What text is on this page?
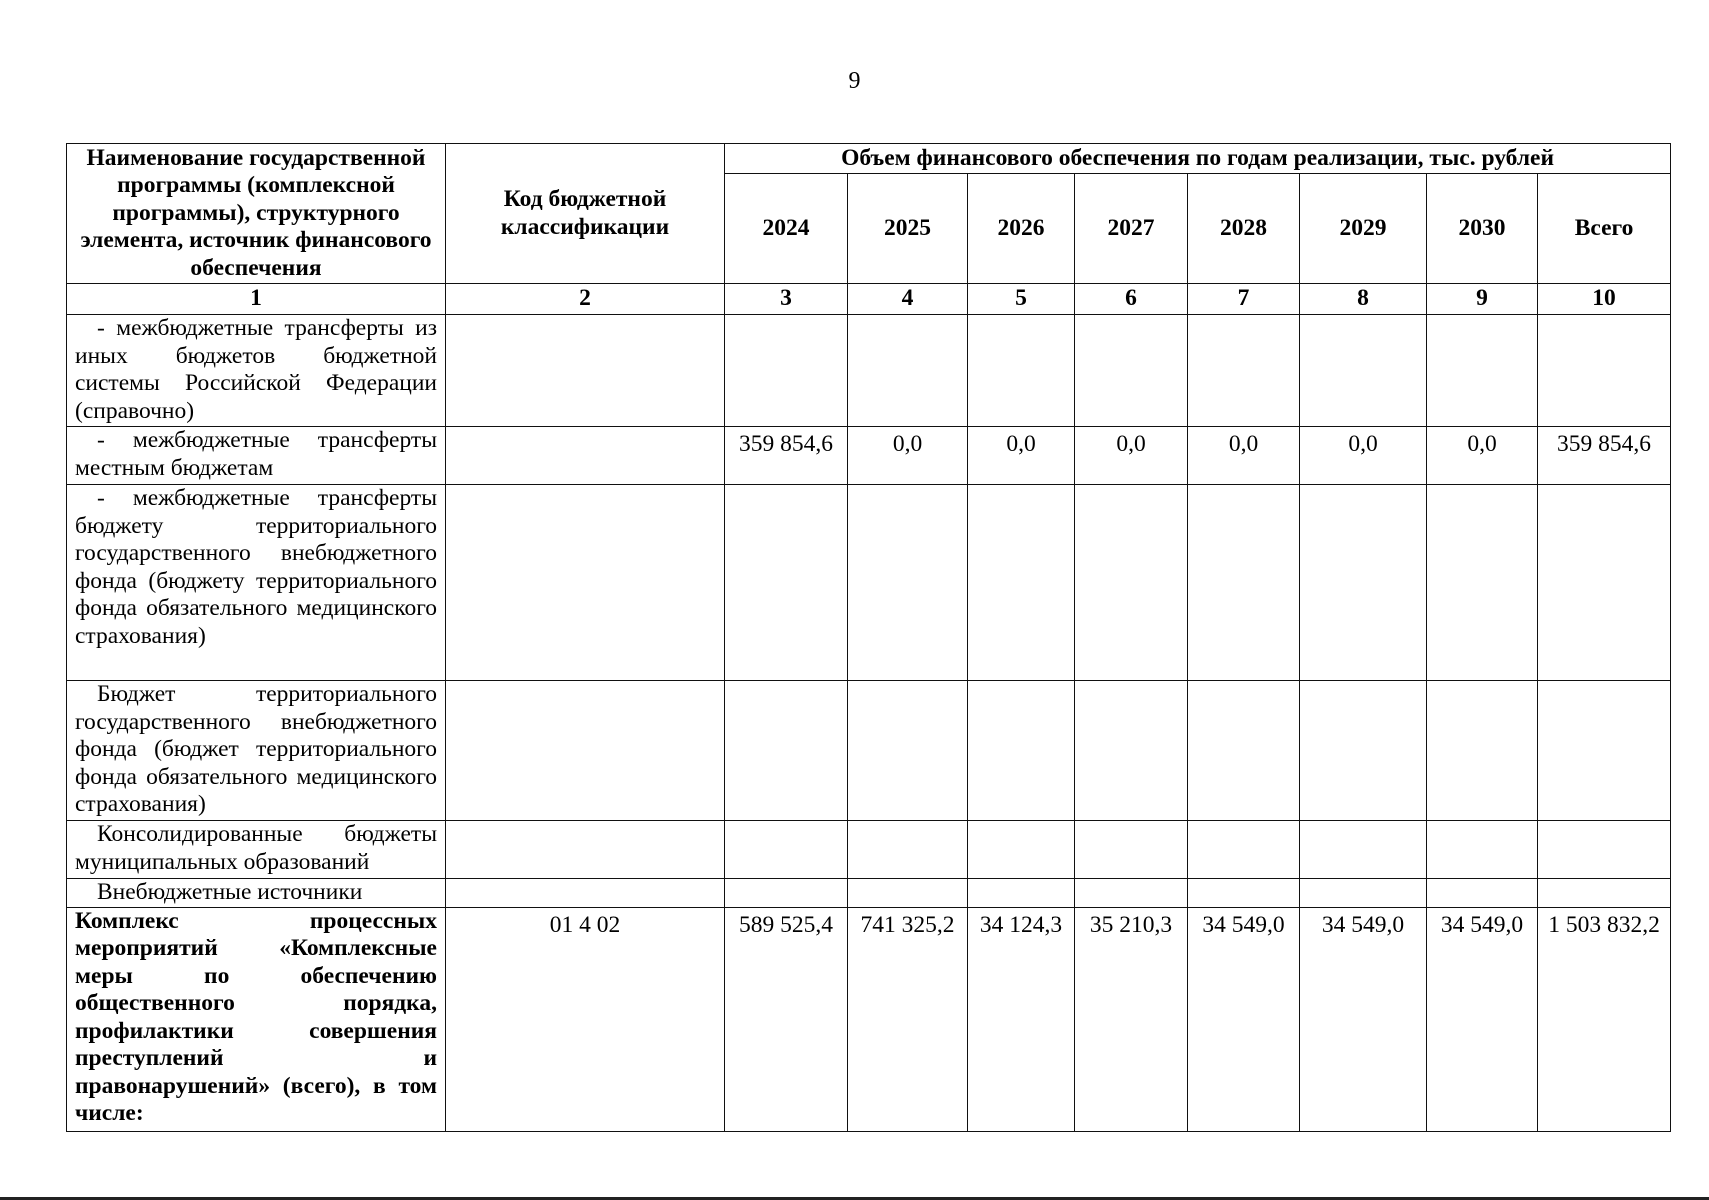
9
Наименование государственной программы (комплексной программы), структурного элемента, источник финансового обеспечения	Код бюджетной классификации	Объем финансового обеспечения по годам реализации, тыс. рублей							
		2024	2025	2026	2027	2028	2029	2030	Всего
1	2	3	4	5	6	7	8	9	10
- межбюджетные трансферты из иных бюджетов бюджетной системы Российской Федерации (справочно)									
- межбюджетные трансферты местным бюджетам		359 854,6	0,0	0,0	0,0	0,0	0,0	0,0	359 854,6
- межбюджетные трансферты бюджету территориального государственного внебюджетного фонда (бюджету территориального фонда обязательного медицинского страхования)									
Бюджет территориального государственного внебюджетного фонда (бюджет территориального фонда обязательного медицинского страхования)									
Консолидированные бюджеты муниципальных образований									
Внебюджетные источники									
Комплекс процессных мероприятий «Комплексные меры по обеспечению общественного порядка, профилактики совершения преступлений и правонарушений» (всего), в том числе:	01 4 02	589 525,4	741 325,2	34 124,3	35 210,3	34 549,0	34 549,0	34 549,0	1 503 832,2
